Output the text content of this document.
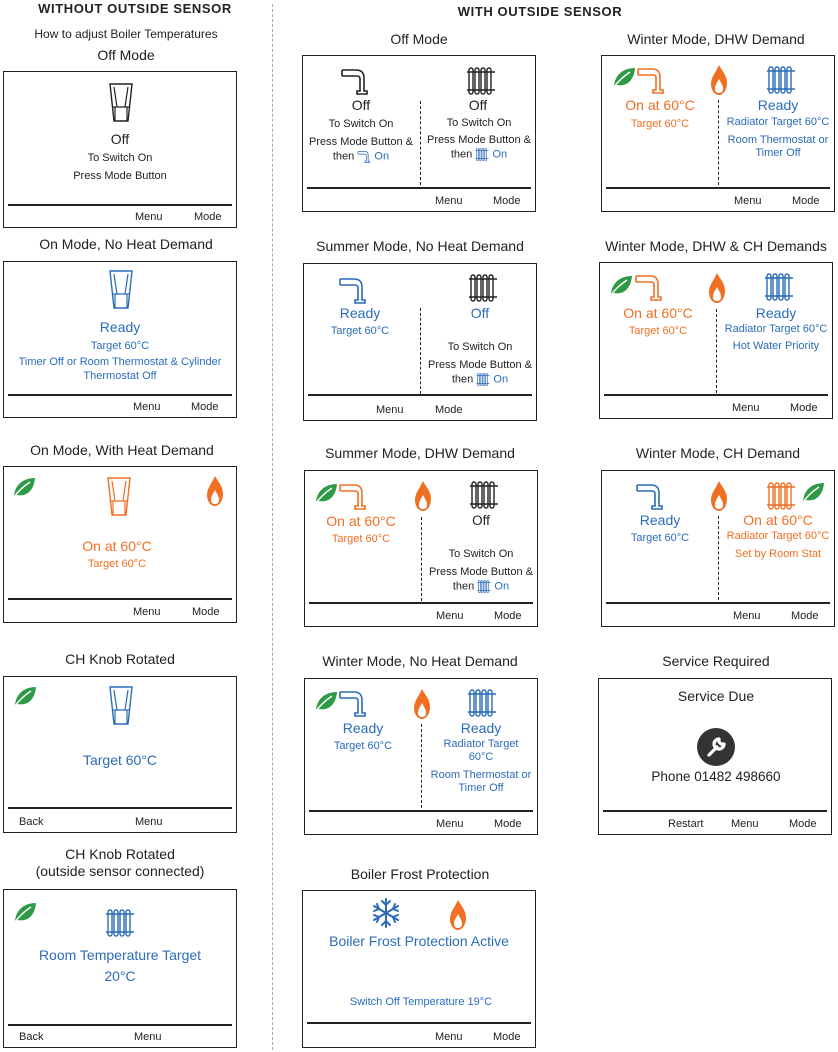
WITHOUT OUTSIDE SENSOR	WITH OUTSIDE SENSOR
How to adjust Boiler Temperatures
Off Mode
Off
To Switch On
Press Mode Button
Menu	Mode
On Mode, No Heat Demand
Ready
Target 60°C
Timer Off or Room Thermostat & Cylinder Thermostat Off
Menu	Mode
On Mode, With Heat Demand
On at 60°C
Target 60°C
Menu	Mode
CH Knob Rotated
Target 60°C
Back	Menu
CH Knob Rotated
(outside sensor connected)
Room Temperature Target
20°C
Back	Menu
Off Mode
Off	Off
To Switch On
Press Mode Button &
then On
To Switch On
Press Mode Button &
then On
Menu	Mode
Summer Mode, No Heat Demand
Ready
Target 60°C
Off
To Switch On
Press Mode Button &
then On
Menu	Mode
Summer Mode, DHW Demand
On at 60°C
Target 60°C
Off
To Switch On
Press Mode Button &
then On
Menu	Mode
Winter Mode, No Heat Demand
Ready
Target 60°C
Ready
Radiator Target
60°C
Room Thermostat or
Timer Off
Menu	Mode
Boiler Frost Protection
Boiler Frost Protection Active
Switch Off Temperature 19°C
Menu	Mode
Winter Mode, DHW Demand
On at 60°C
Target 60°C
Ready
Radiator Target 60°C
Room Thermostat or
Timer Off
Menu	Mode
Winter Mode, DHW & CH Demands
On at 60°C
Target 60°C
Ready
Radiator Target 60°C
Hot Water Priority
Menu	Mode
Winter Mode, CH Demand
Ready
Target 60°C
On at 60°C
Radiator Target 60°C
Set by Room Stat
Menu	Mode
Service Required
Service Due
Phone 01482 498660
Restart	Menu	Mode
